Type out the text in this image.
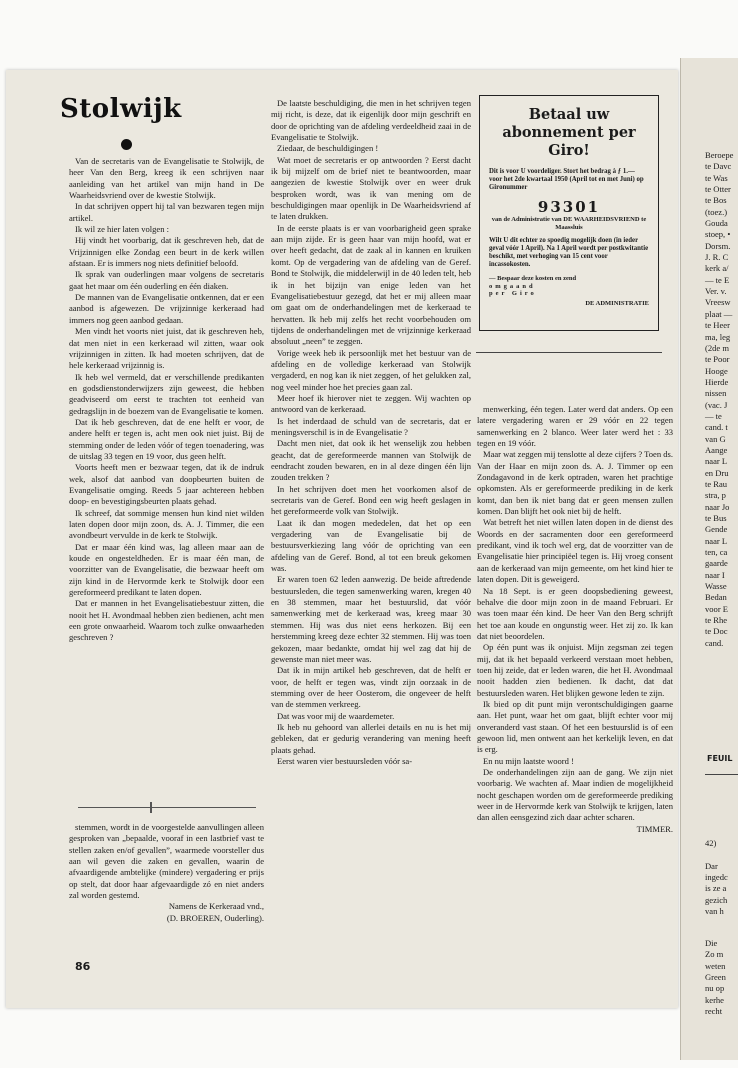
Stolwijk

Van de secretaris van de Evangelisatie te Stolwijk, de heer Van den Berg, kreeg ik een schrijven naar aanleiding van het artikel van mijn hand in De Waarheidsvriend over de kwestie Stolwijk.

In dat schrijven oppert hij tal van bezwaren tegen mijn artikel.

Ik wil ze hier laten volgen :

Hij vindt het voorbarig, dat ik geschreven heb, dat de Vrijzinnigen elke Zondag een beurt in de kerk willen afstaan. Er is immers nog niets definitief beloofd.

Ik sprak van ouderlingen maar volgens de secretaris gaat het maar om één ouderling en één diaken.

De mannen van de Evangelisatie ontkennen, dat er een aanbod is afgewezen. De vrijzinnige kerkeraad had immers nog geen aanbod gedaan.

Men vindt het voorts niet juist, dat ik geschreven heb, dat men niet in een kerkeraad wil zitten, waar ook vrijzinnigen in zitten. Ik had moeten schrijven, dat de hele kerkeraad vrijzinnig is.

Ik heb wel vermeld, dat er verschillende predikanten en godsdienstonderwijzers zijn geweest, die hebben geadviseerd om eerst te trachten tot eenheid van gedragslijn in de boezem van de Evangelisatie te komen.

Dat ik heb geschreven, dat de ene helft er voor, de andere helft er tegen is, acht men ook niet juist. Bij de stemming onder de leden vóór of tegen toenadering, was de uitslag 33 tegen en 19 voor, dus geen helft.

Voorts heeft men er bezwaar tegen, dat ik de indruk wek, alsof dat aanbod van doopbeurten buiten de Evangelisatie omging. Reeds 5 jaar achtereen hebben doop- en bevestigingsbeurten plaats gehad.

Ik schreef, dat sommige mensen hun kind niet wilden laten dopen door mijn zoon, ds. A. J. Timmer, die een avondbeurt vervulde in de kerk te Stolwijk.

Dat er maar één kind was, lag alleen maar aan de koude en ongesteldheden. Er is maar één man, de voorzitter van de Evangelisatie, die bezwaar heeft om zijn kind in de Hervormde kerk te Stolwijk door een gereformeerd predikant te laten dopen.

Dat er mannen in het Evangelisatiebestuur zitten, die nooit het H. Avondmaal hebben zien bedienen, acht men een grote onwaarheid. Waarom toch zulke onwaarheden geschreven ?

stemmen, wordt in de voorgestelde aanvullingen alleen gesproken van „bepaalde, vooraf in een lastbrief vast te stellen zaken en/of gevallen”, waarmede voorsteller dus aan wil geven die zaken en gevallen, waarin de afvaardigende ambtelijke (mindere) vergadering er prijs op stelt, dat door haar afgevaardigde zó en niet anders zal worden gestemd.

Namens de Kerkeraad vnd.,
(D. BROEREN, Ouderling).

De laatste beschuldiging, die men in het schrijven tegen mij richt, is deze, dat ik eigenlijk door mijn geschrift en door de oprichting van de afdeling verdeeldheid zaai in de Evangelisatie te Stolwijk.

Ziedaar, de beschuldigingen !

Wat moet de secretaris er op antwoorden ? Eerst dacht ik bij mijzelf om de brief niet te beantwoorden, maar aangezien de kwestie Stolwijk over en weer druk besproken wordt, was ik van mening om de beschuldigingen maar openlijk in De Waarheidsvriend af te laten drukken.

In de eerste plaats is er van voorbarigheid geen sprake aan mijn zijde. Er is geen haar van mijn hoofd, wat er over heeft gedacht, dat de zaak al in kannen en kruiken komt. Op de vergadering van de afdeling van de Geref. Bond te Stolwijk, die middelerwijl in de 40 leden telt, heb ik in het bijzijn van enige leden van het Evangelisatiebestuur gezegd, dat het er mij alleen maar om gaat om de onderhandelingen met de kerkeraad te hervatten. Ik heb mij zelfs het recht voorbehouden om tijdens de onderhandelingen met de vrijzinnige kerkeraad absoluut „neen” te zeggen.

Vorige week heb ik persoonlijk met het bestuur van de afdeling en de volledige kerkeraad van Stolwijk vergaderd, en nog kan ik niet zeggen, of het gelukken zal, nog veel minder hoe het precies gaan zal.

Meer hoef ik hierover niet te zeggen. Wij wachten op antwoord van de kerkeraad.

Is het inderdaad de schuld van de secretaris, dat er meningsverschil is in de Evangelisatie ?

Dacht men niet, dat ook ik het wenselijk zou hebben geacht, dat de gereformeerde mannen van Stolwijk de eendracht zouden bewaren, en in al deze dingen één lijn zouden trekken ?

In het schrijven doet men het voorkomen alsof de secretaris van de Geref. Bond een wig heeft geslagen in het gereformeerde volk van Stolwijk.

Laat ik dan mogen mededelen, dat het op een vergadering van de Evangelisatie bij de bestuursverkiezing lang vóór de oprichting van een afdeling van de Geref. Bond, al tot een breuk gekomen was.

Er waren toen 62 leden aanwezig. De beide aftredende bestuursleden, die tegen samenwerking waren, kregen 40 en 38 stemmen, maar het bestuurslid, dat vóór samenwerking met de kerkeraad was, kreeg maar 30 stemmen. Hij was dus niet eens herkozen. Bij een herstemming kreeg deze echter 32 stemmen. Hij was toen gekozen, maar bedankte, omdat hij wel zag dat hij de gewenste man niet meer was.

Dat ik in mijn artikel heb geschreven, dat de helft er voor, de helft er tegen was, vindt zijn oorzaak in de stemming over de heer Oosterom, die ongeveer de helft van de stemmen verkreeg.

Dat was voor mij de waardemeter.

Ik heb nu gehoord van allerlei details en nu is het mij gebleken, dat er gedurig verandering van mening heeft plaats gehad.

Eerst waren vier bestuursleden vóór sa-

Betaal uw abonnement per Giro!

Dit is voor U voordeliger. Stort het bedrag à ƒ 1.— voor het 2de kwartaal 1950 (April tot en met Juni) op Gironummer

93301

van de Administratie van DE WAARHEIDSVRIEND te Maassluis

Wilt U dit echter zo spoedig mogelijk doen (in ieder geval vóór 1 April). Na 1 April wordt per postkwitantie beschikt, met verhoging van 15 cent voor incassokosten.

— Bespaar deze kosten en zend
omgaand
per Giro
DE ADMINISTRATIE

menwerking, één tegen. Later werd dat anders. Op een latere vergadering waren er 29 vóór en 22 tegen samenwerking en 2 blanco. Weer later werd het : 33 tegen en 19 vóór.

Maar wat zeggen mij tenslotte al deze cijfers ? Toen ds. Van der Haar en mijn zoon ds. A. J. Timmer op een Zondagavond in de kerk optraden, waren het prachtige opkomsten. Als er gereformeerde prediking in de kerk komt, dan ben ik niet bang dat er geen mensen zullen komen. Dan blijft het ook niet bij de helft.

Wat betreft het niet willen laten dopen in de dienst des Woords en der sacramenten door een gereformeerd predikant, vind ik toch wel erg, dat de voorzitter van de Evangelisatie hier principiëel tegen is. Hij vroeg consent aan de kerkeraad van mijn gemeente, om het kind hier te laten dopen. Dit is geweigerd.

Na 18 Sept. is er geen doopsbediening geweest, behalve die door mijn zoon in de maand Februari. Er was toen maar één kind. De heer Van den Berg schrijft het toe aan koude en ongunstig weer. Het zij zo. Ik kan dat niet beoordelen.

Op één punt was ik onjuist. Mijn zegsman zei tegen mij, dat ik het bepaald verkeerd verstaan moet hebben, toen hij zeide, dat er leden waren, die het H. Avondmaal nooit hadden zien bedienen. Ik dacht, dat dat bestuursleden waren. Het blijken gewone leden te zijn.

Ik bied op dit punt mijn verontschuldigingen gaarne aan. Het punt, waar het om gaat, blijft echter voor mij onveranderd vast staan. Of het een bestuurslid is of een gewoon lid, men ontwent aan het kerkelijk leven, en dat is erg.

En nu mijn laatste woord !

De onderhandelingen zijn aan de gang. We zijn niet voorbarig. We wachten af. Maar indien de mogelijkheid nocht geschapen worden om de gereformeerde prediking weer in de Hervormde kerk van Stolwijk te krijgen, laten dan allen eensgezind zich daar achter scharen.

TIMMER.
86
Beroepe
te Davc
te Was
te Otter
te Bos
(toez.)
Gouda
stoep, •
Dorsm.
J. R. C
kerk a/
— te E
Ver. v.
Vreesw
plaat —
te Heer
ma, leg
(2de m
te Poor
Hooge
Hierde
nissen
(vac. J
— te
cand. t
van G
Aange
naar L
en Dru
te Rau
stra, p
naar Jo
te Bus
Gende
naar L
ten, ca
gaarde
naar I
Wasse
Bedan
voor E
te Rhe
te Doc
cand.
FEUIL
42)
Dar
ingedc
is ze a
gezich
van h
Die
Zo m
weten
Green
nu op
kerhe
recht
